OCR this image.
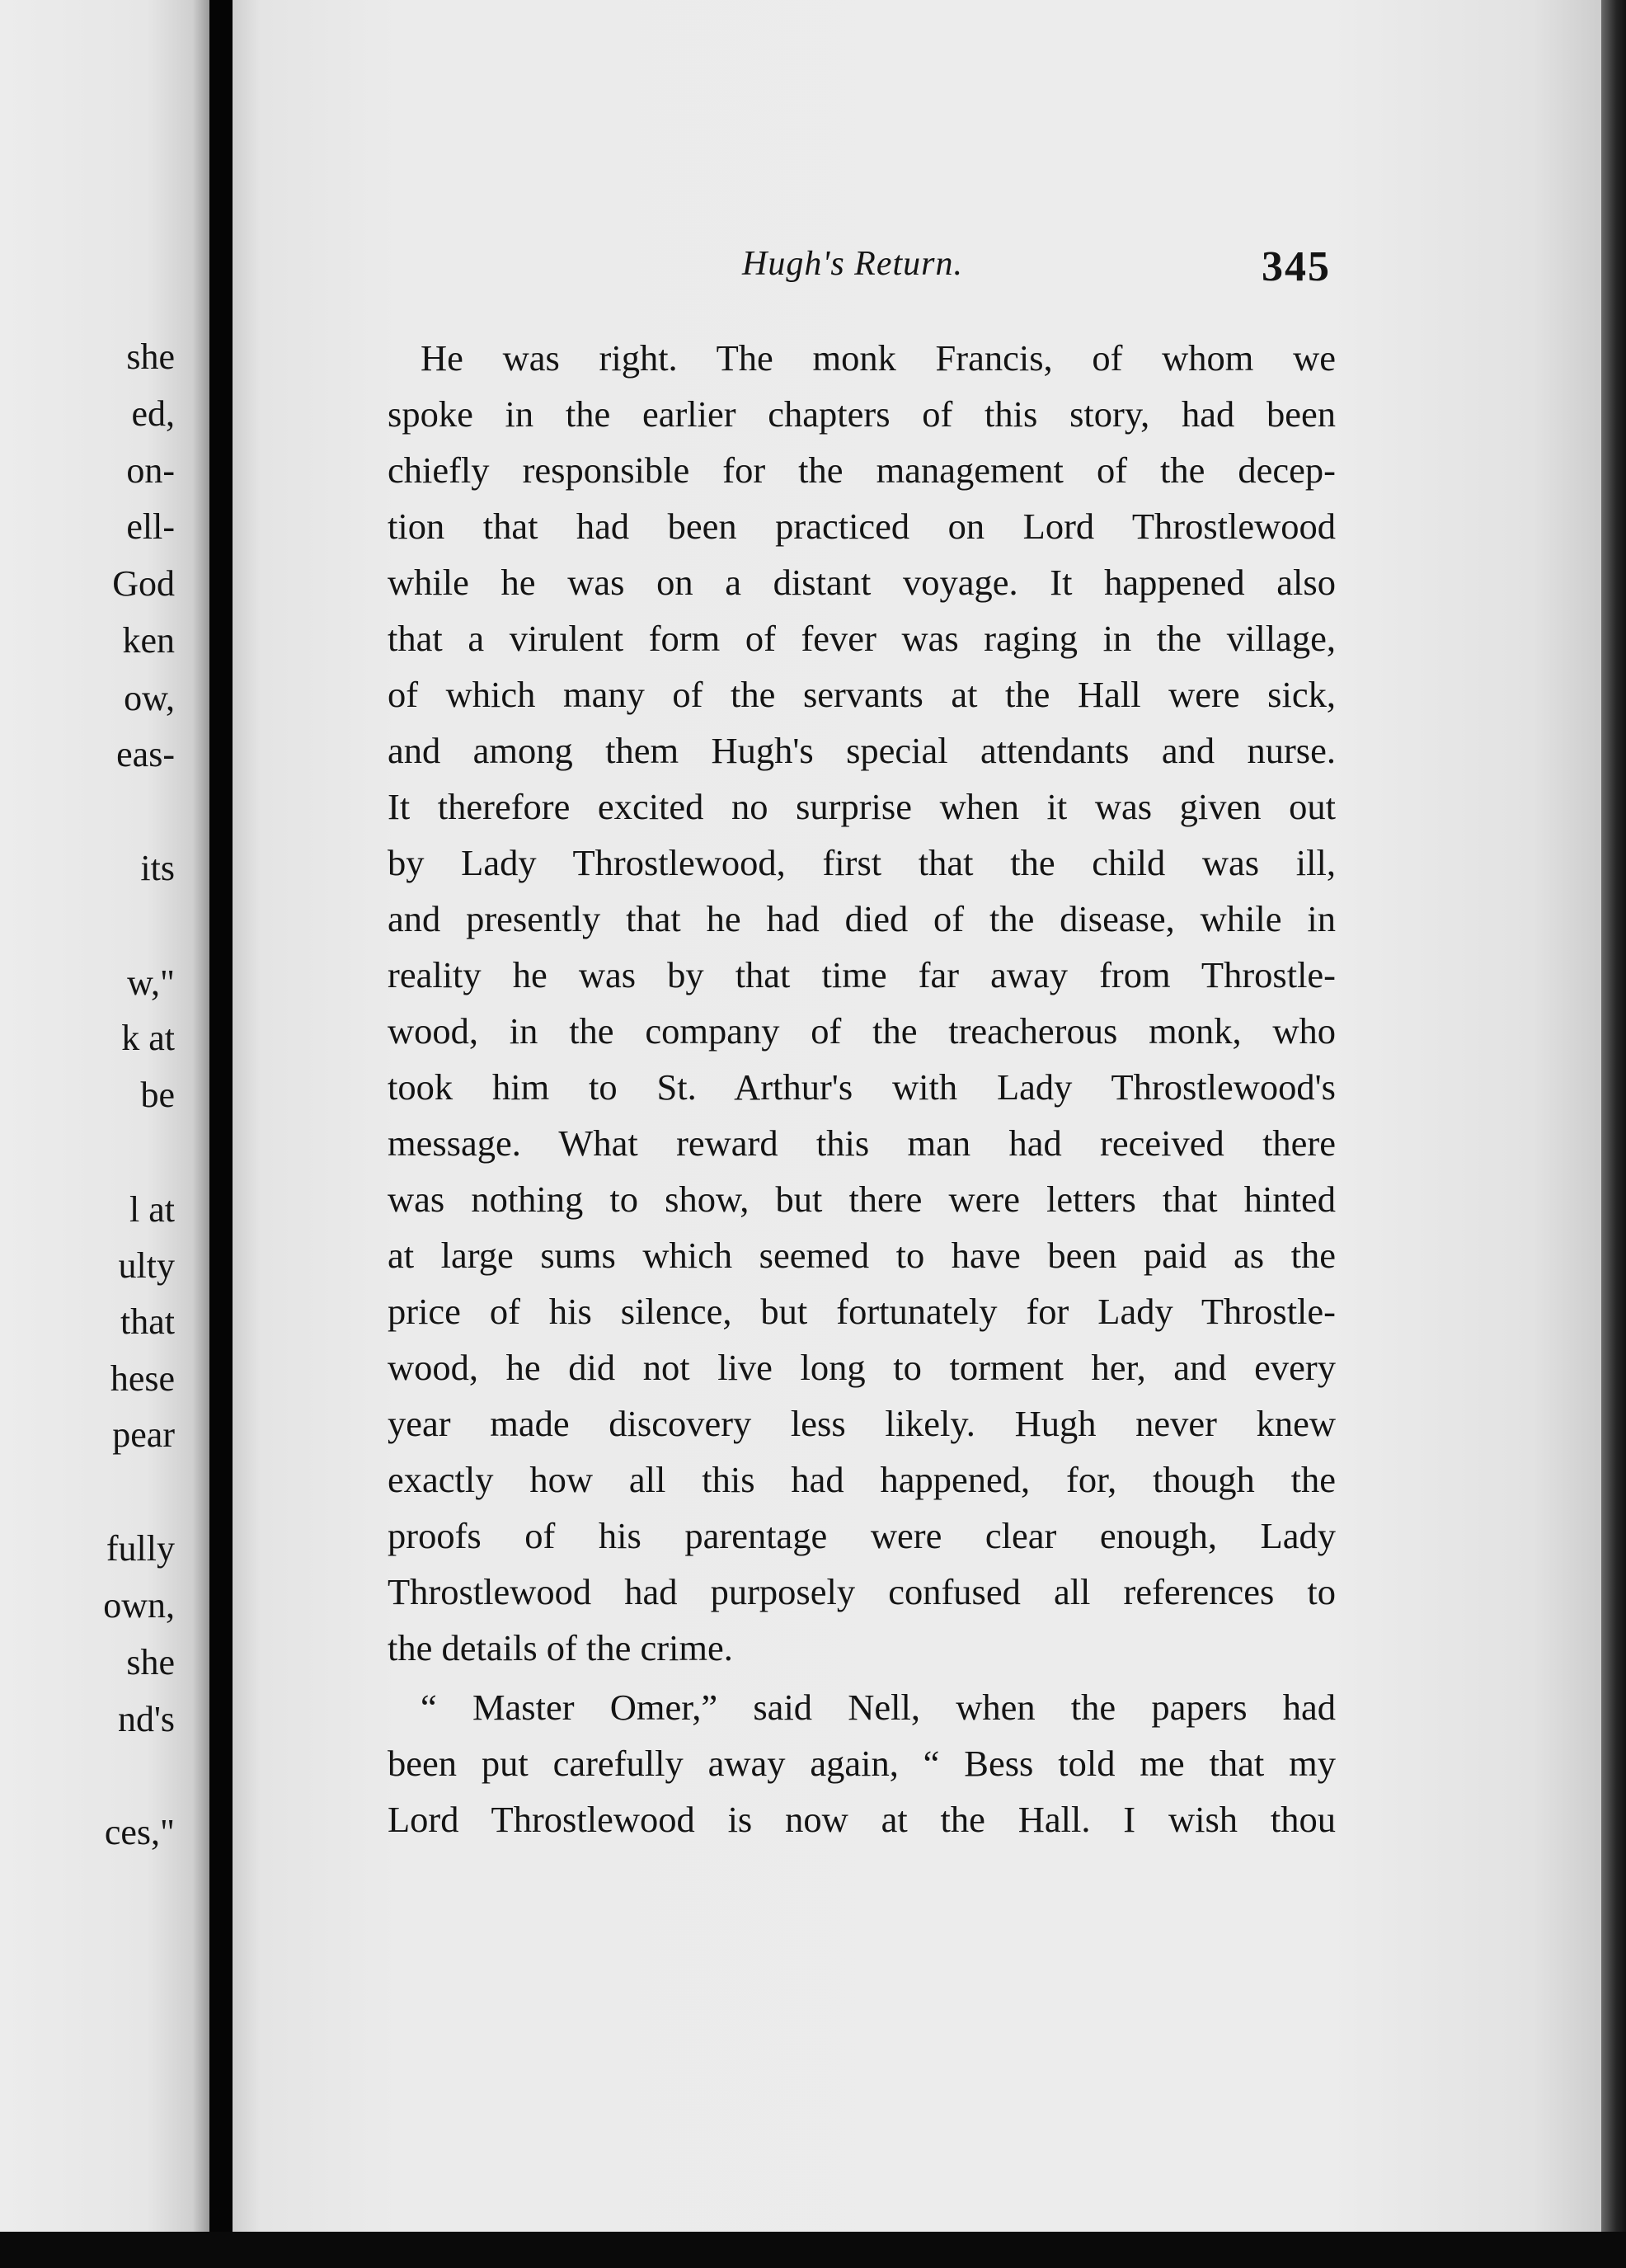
she
ed,
on-
ell-
God
ken
ow,
eas-
its
w,"
k at
be
l at
ulty
that
hese
pear
fully
own,
she
nd's
ces,"
Hugh's Return.	345
He was right. The monk Francis, of whom we
spoke in the earlier chapters of this story, had been
chiefly responsible for the management of the decep-
tion that had been practiced on Lord Throstlewood
while he was on a distant voyage. It happened also
that a virulent form of fever was raging in the village,
of which many of the servants at the Hall were sick,
and among them Hugh's special attendants and nurse.
It therefore excited no surprise when it was given out
by Lady Throstlewood, first that the child was ill,
and presently that he had died of the disease, while in
reality he was by that time far away from Throstle-
wood, in the company of the treacherous monk, who
took him to St. Arthur's with Lady Throstlewood's
message. What reward this man had received there
was nothing to show, but there were letters that hinted
at large sums which seemed to have been paid as the
price of his silence, but fortunately for Lady Throstle-
wood, he did not live long to torment her, and every
year made discovery less likely. Hugh never knew
exactly how all this had happened, for, though the
proofs of his parentage were clear enough, Lady
Throstlewood had purposely confused all references to
the details of the crime.
“ Master Omer,” said Nell, when the papers had
been put carefully away again, “ Bess told me that my
Lord Throstlewood is now at the Hall. I wish thou
